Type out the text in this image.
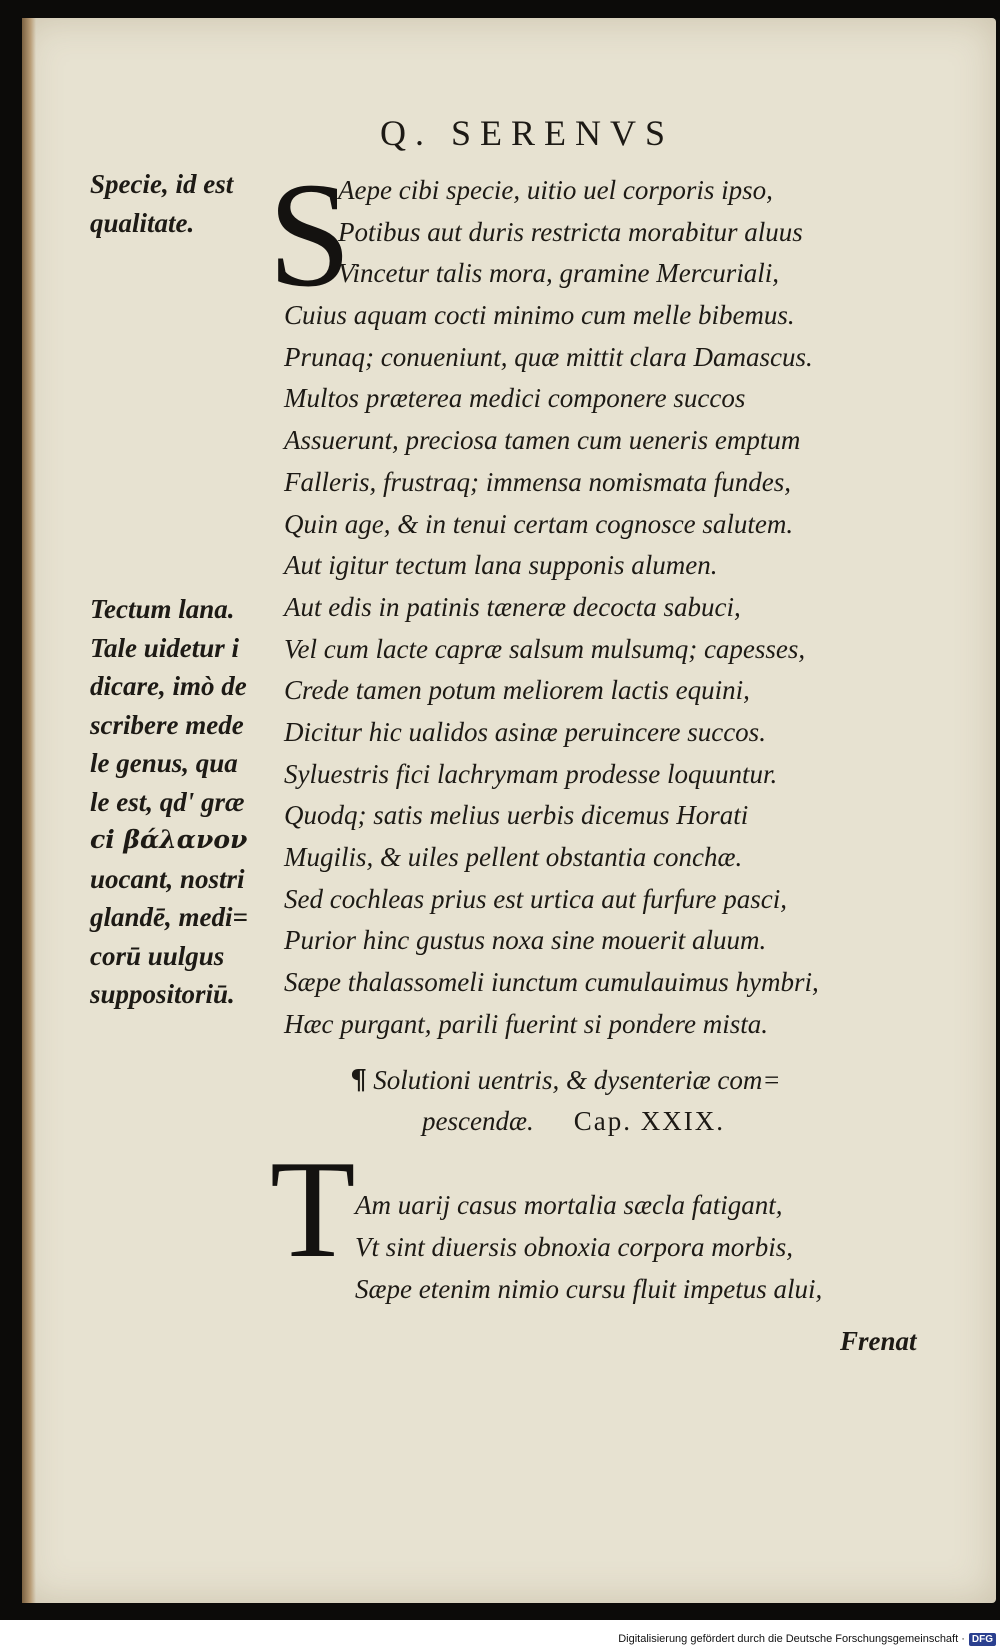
Q. SERENVS
Specie, id est
qualitate.
Tectum lana.
Tale uidetur i
dicare, imò de
scribere mede
le genus, qua
le est, qd' græ
ci βάλανον
uocant, nostri
glandē, medi=
corū uulgus
suppositoriū.
S
Aepe cibi specie, uitio uel corporis ipso,
Potibus aut duris restricta morabitur aluus
Vincetur talis mora, gramine Mercuriali,
Cuius aquam cocti minimo cum melle bibemus.
Prunaq; conueniunt, quæ mittit clara Damascus.
Multos præterea medici componere succos
Assuerunt, preciosa tamen cum ueneris emptum
Falleris, frustraq; immensa nomismata fundes,
Quin age, & in tenui certam cognosce salutem.
Aut igitur tectum lana supponis alumen.
Aut edis in patinis tæneræ decocta sabuci,
Vel cum lacte capræ salsum mulsumq; capesses,
Crede tamen potum meliorem lactis equini,
Dicitur hic ualidos asinæ peruincere succos.
Syluestris fici lachrymam prodesse loquuntur.
Quodq; satis melius uerbis dicemus Horati
Mugilis, & uiles pellent obstantia conchæ.
Sed cochleas prius est urtica aut furfure pasci,
Purior hinc gustus noxa sine mouerit aluum.
Sæpe thalassomeli iunctum cumulauimus hymbri,
Hæc purgant, parili fuerint si pondere mista.
¶ Solutioni uentris, & dysenteriæ com=
pescendæ. Cap. XXIX.
T Am uarij casus mortalia sæcla fatigant,
Vt sint diuersis obnoxia corpora morbis,
Sæpe etenim nimio cursu fluit impetus alui,
Frenat
Digitalisierung gefördert durch die Deutsche Forschungsgemeinschaft · DFG
